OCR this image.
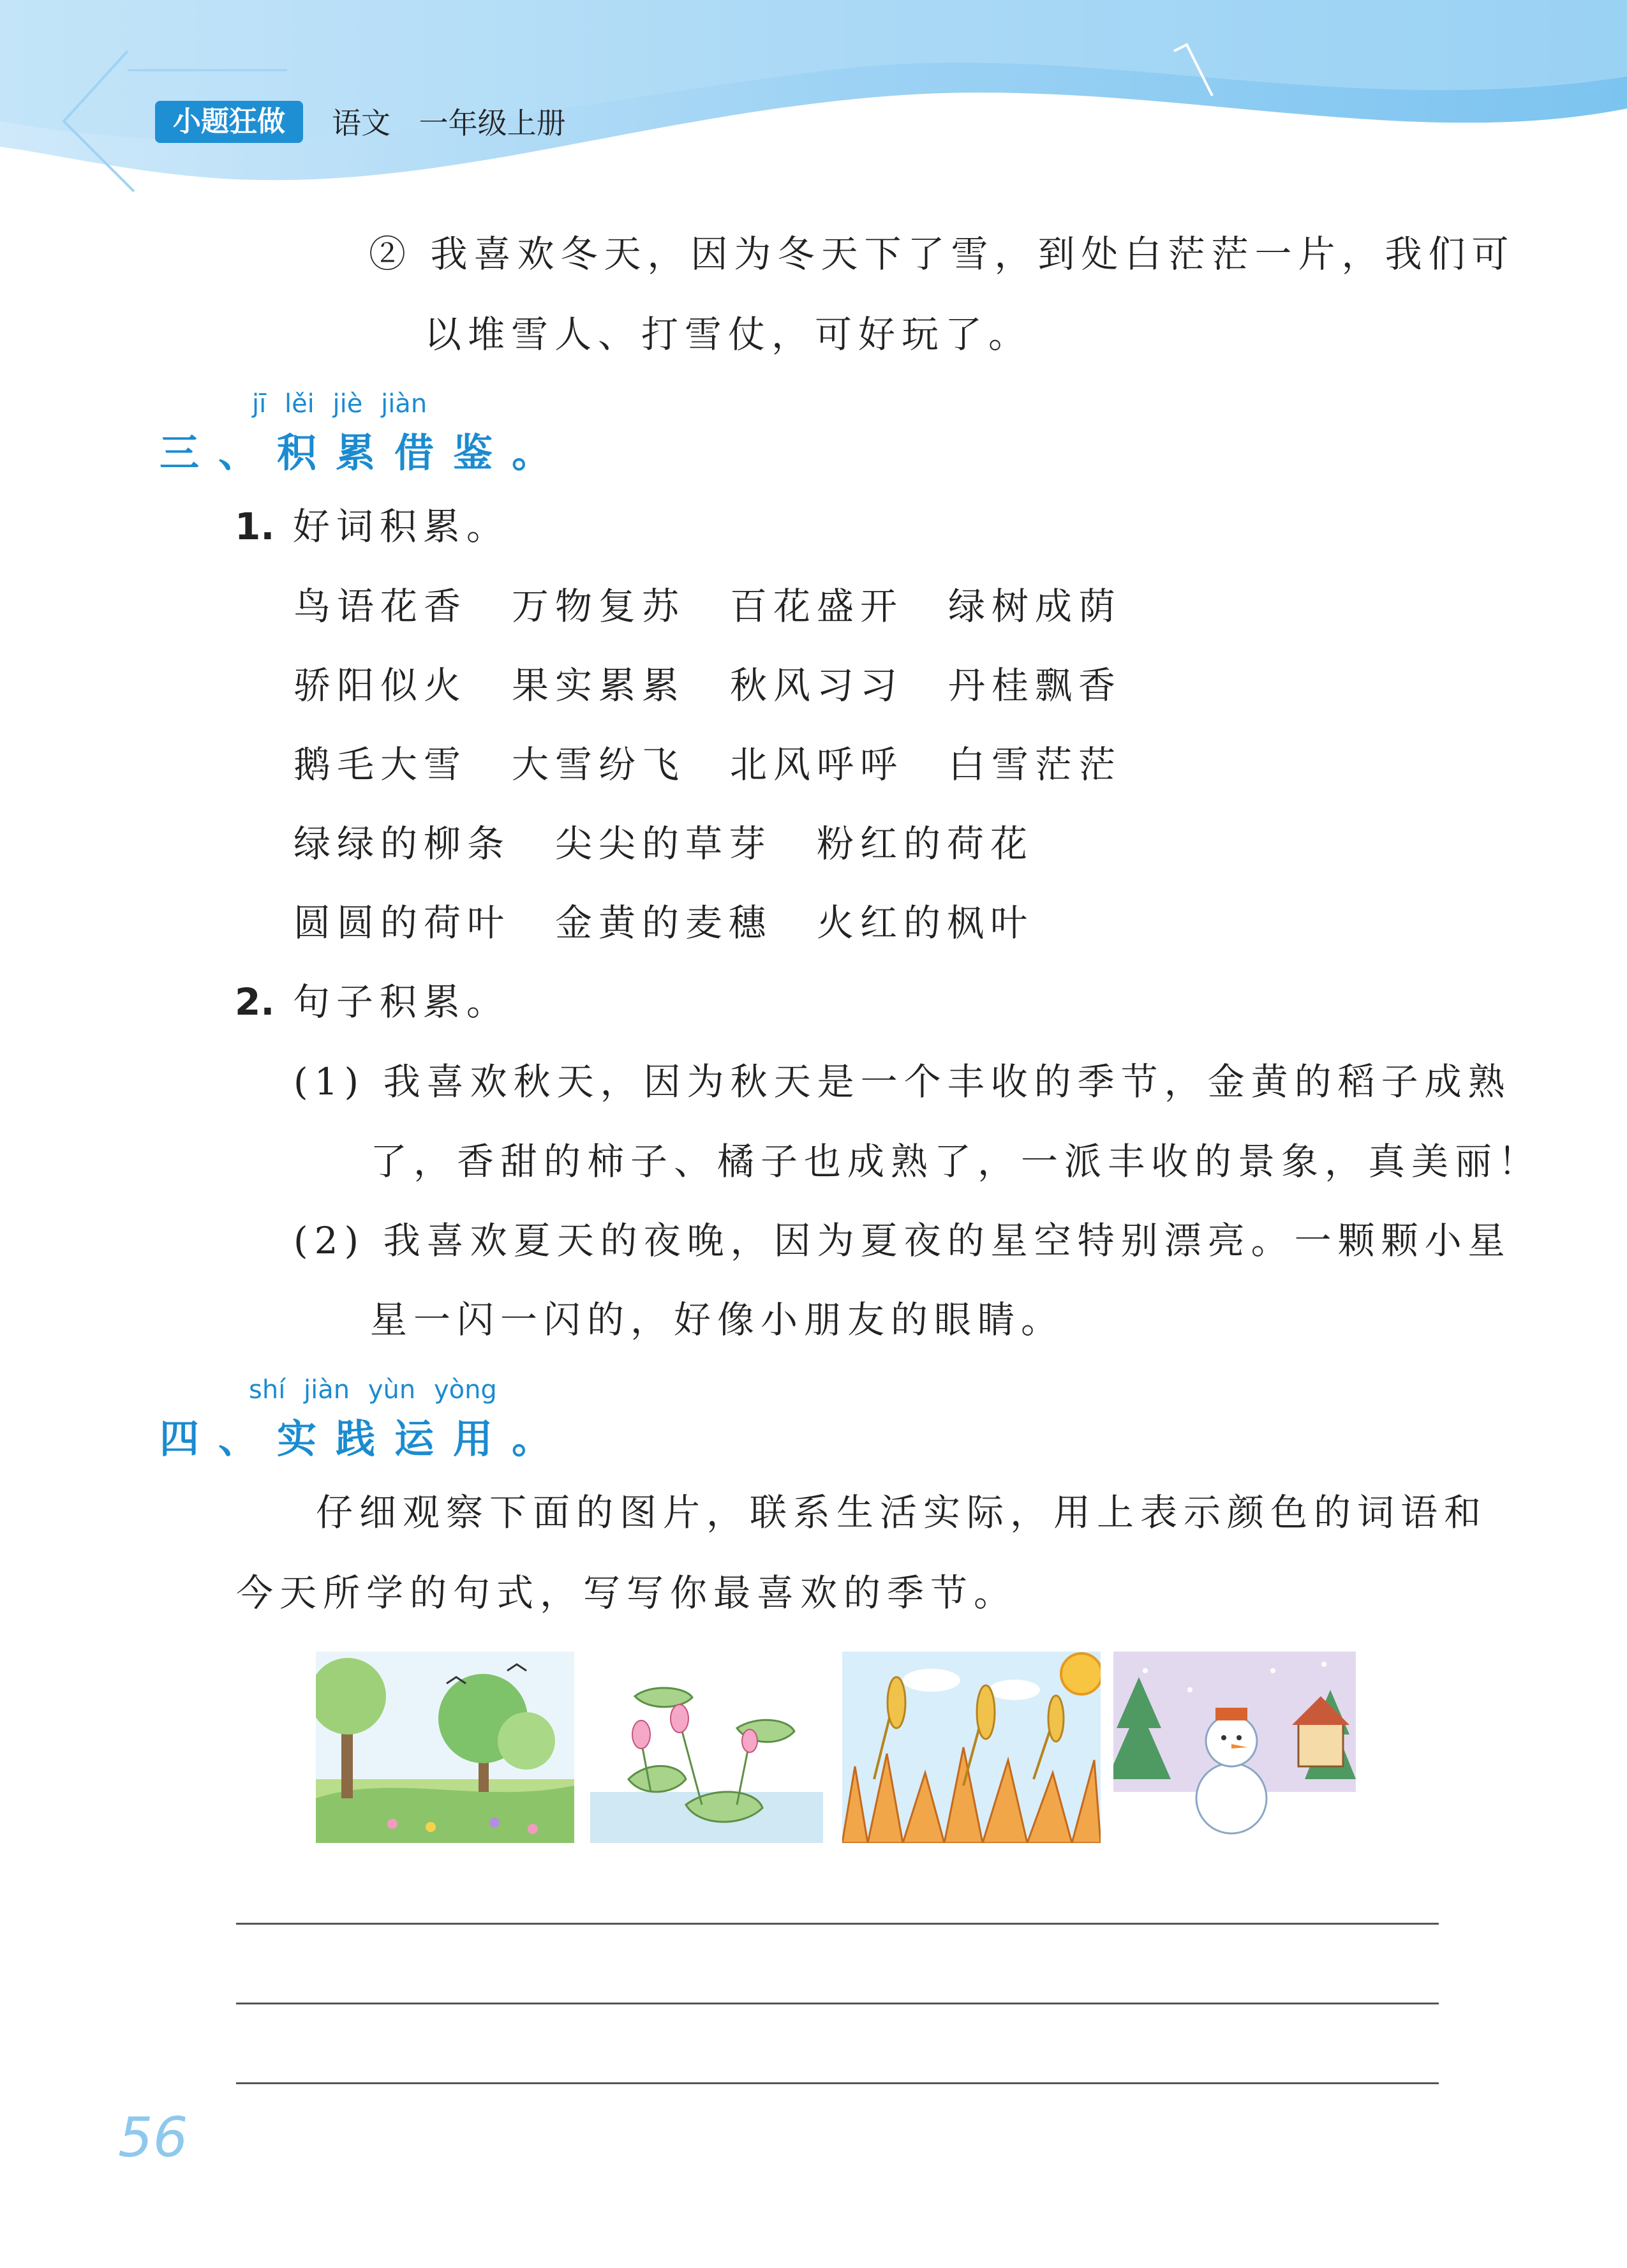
小题狂做	语文 一年级上册
② 我喜欢冬天，因为冬天下了雪，到处白茫茫一片，我们可
以堆雪人、打雪仗，可好玩了。
jī lěi jiè jiàn
三、积累借鉴。
1. 好词积累。
鸟语花香 万物复苏 百花盛开 绿树成荫
骄阳似火 果实累累 秋风习习 丹桂飘香
鹅毛大雪 大雪纷飞 北风呼呼 白雪茫茫
绿绿的柳条 尖尖的草芽 粉红的荷花
圆圆的荷叶 金黄的麦穗 火红的枫叶
2. 句子积累。
(1) 我喜欢秋天，因为秋天是一个丰收的季节，金黄的稻子成熟
了，香甜的柿子、橘子也成熟了，一派丰收的景象，真美丽！
(2) 我喜欢夏天的夜晚，因为夏夜的星空特别漂亮。一颗颗小星
星一闪一闪的，好像小朋友的眼睛。
shí jiàn yùn yòng
四、实践运用。
仔细观察下面的图片，联系生活实际，用上表示颜色的词语和
今天所学的句式，写写你最喜欢的季节。
56
